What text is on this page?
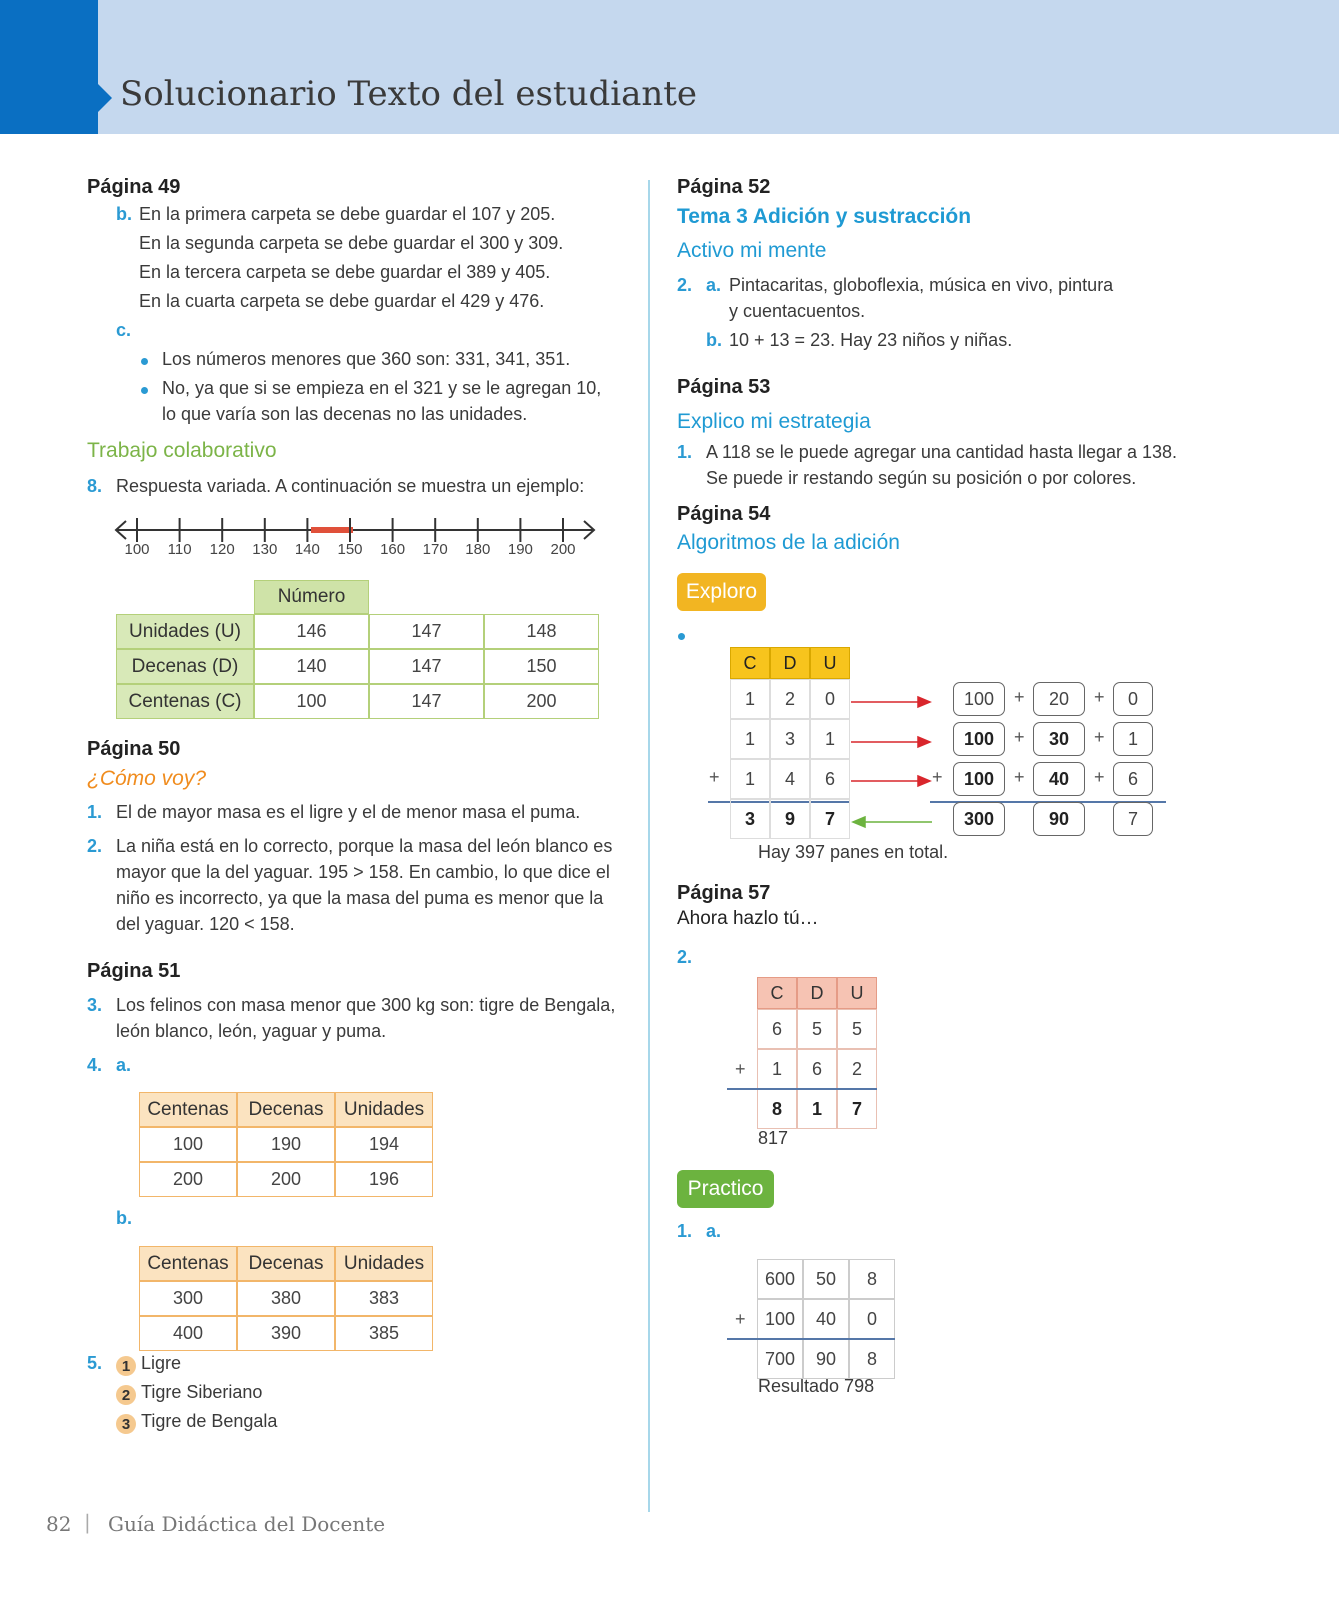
Solucionario Texto del estudiante
Página 49
b. En la primera carpeta se debe guardar el 107 y 205.
En la segunda carpeta se debe guardar el 300 y 309.
En la tercera carpeta se debe guardar el 389 y 405.
En la cuarta carpeta se debe guardar el 429 y 476.
c.
Los números menores que 360 son: 331, 341, 351.
No, ya que si se empieza en el 321 y se le agregan 10,
lo que varía son las decenas no las unidades.
Trabajo colaborativo
8. Respuesta variada. A continuación se muestra un ejemplo:
Página 50
¿Cómo voy?
1. El de mayor masa es el ligre y el de menor masa el puma.
2. La niña está en lo correcto, porque la masa del león blanco es
mayor que la del yaguar. 195 > 158. En cambio, lo que dice el
niño es incorrecto, ya que la masa del puma es menor que la
del yaguar. 120 < 158.
Página 51
3. Los felinos con masa menor que 300 kg son: tigre de Bengala,
león blanco, león, yaguar y puma.
4. a.
b.
5.	1 Ligre
2 Tigre Siberiano
3 Tigre de Bengala
Página 52
Tema 3 Adición y sustracción
Activo mi mente
2. a. Pintacaritas, globoflexia, música en vivo, pintura
y cuentacuentos.
b. 10 + 13 = 23. Hay 23 niños y niñas.
Página 53
Explico mi estrategia
1. A 118 se le puede agregar una cantidad hasta llegar a 138.
Se puede ir restando según su posición o por colores.
Página 54
Algoritmos de la adición
Exploro
Hay 397 panes en total.
Página 57
Ahora hazlo tú…
2.
817
Practico
1. a.
Resultado 798
82 | Guía Didáctica del Docente
100	110	120	130	140	150	160	170	180	190	200
Número
Unidades (U)	146	147	148
Decenas (D)	140	147	150
Centenas (C)	100	147	200
Centenas	Decenas	Unidades
100	190	194
200	200	196
Centenas	Decenas	Unidades
300	380	383
400	390	385
C	D	U
1	2	0
1	3	1
1	4	6
3	9	7
+
100	20	0
+	+
100	30	1
+	+
100	40	6
+	+
+
300	90	7
C	D	U
6	5	5
1	6	2
8	1	7
+
600	50	8
100	40	0
700	90	8
+
